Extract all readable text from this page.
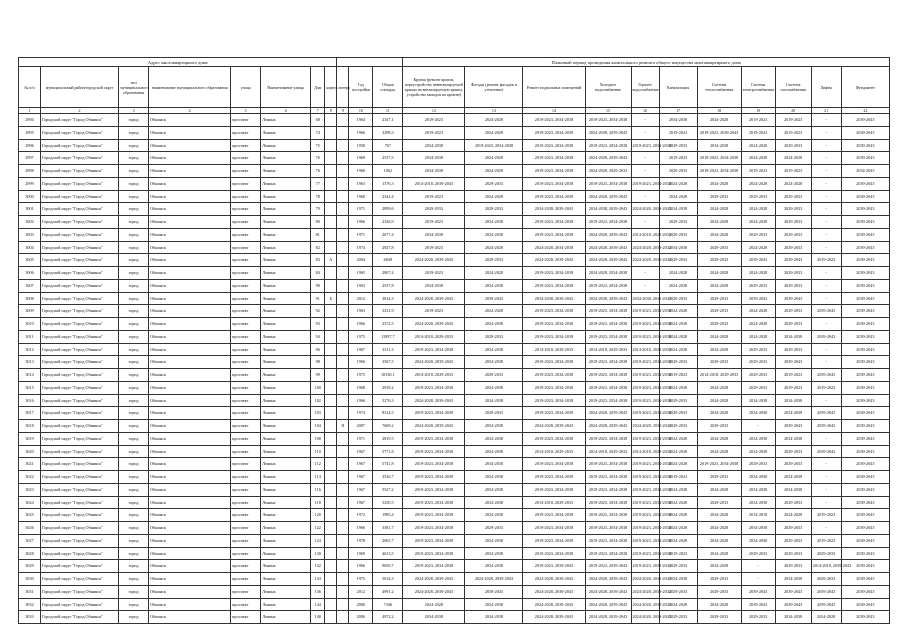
Адрес многоквартирного дома											Плановый период проведения капитального ремонта общего имущества многоквартирного дома										
№ п/п	муниципальный район/городской округ	тип муниципального образования	наименование муниципального образования	улица	Наименование улицы	Дом	корпус	литера	Год постройки	Общая площадь	Кровля (ремонт кровли, переустройство невентилируемой крыши на вентилируемую крышу, устройство выходов на кровлю)	Фасады (ремонт фасадов и утепление)	Ремонт подвальных помещений	Холодное водоснабжение	Горячее водоснабжение	Канализация	Система теплоснабжения	Система электроснабжения	Система газоснабжения	Лифты	Фундамент
1	2	3	4	5	6	7	8	9	10	11	12	13	14	15	16	17	18	19	20	21	22
2994	Городской округ "Город Обнинск"	город	Обнинск	проспект	Ленина	68			1964	2347,1	2019-2023	2024-2028	2019-2023, 2034-2038	2019-2023, 2034-2038	-	2034-2038	2024-2028	2019-2023	2019-2023	-	2039-2043
2995	Городской округ "Город Обнинск"	город	Обнинск	проспект	Ленина	74			1966	3298,3	2019-2023	2024-2028	2019-2023, 2034-2038	2034-2038, 2039-2043	-	2019-2023	2019-2023, 2039-2043	2019-2023	2019-2023	-	2039-2043
2996	Городской округ "Город Обнинск"	город	Обнинск	проспект	Ленина	75			1958	767	2034-2038	2019-2023, 2034-2038	2019-2023, 2034-2038	2019-2023, 2034-2038	2019-2023, 2034-2038	2029-2033	2034-2038	2024-2028	2029-2033	-	2039-2043
2997	Городской округ "Город Обнинск"	город	Обнинск	проспект	Ленина	76			1969	2537,5	2034-2038	2024-2028	2019-2023, 2034-2038	2024-2028, 2039-2043	-	2019-2023	2019-2023, 2034-2038	2024-2028	2024-2028	-	2039-2043
2998	Городской округ "Город Обнинск"	город	Обнинск	проспект	Ленина	76			1960	1062	2034-2038	2024-2028	2019-2023, 2034-2038	2024-2028, 2029-2033	-	2029-2033	2019-2023, 2034-2038	2019-2023	2019-2023	-	2034-2043
2999	Городской округ "Город Обнинск"	город	Обнинск	проспект	Ленина	77			1963	1376,3	2014-2018, 2039-2043	2029-2033	2019-2023, 2034-2038	2019-2023, 2034-2038	2019-2023, 2034-2038	2024-2028	2024-2028	2024-2028	2024-2028	-	2039-2043
3000	Городской округ "Город Обнинск"	город	Обнинск	проспект	Ленина	78			1960	2342,4	2019-2023	2024-2028	2019-2023, 2034-2038	2024-2028, 2039-2043	-	2024-2028	2029-2033	2029-2033	2029-2033	-	2039-2043
3001	Городской округ "Город Обнинск"	город	Обнинск	проспект	Ленина	79			1971	2899,6	2029-2033	2029-2033	2034-2038, 2039-2043	2034-2038, 2039-2043	2024-2028, 2039-2043	2034-2038	2024-2028	2024-2028	2029-2033	-	2039-2043
3002	Городской округ "Город Обнинск"	город	Обнинск	проспект	Ленина	80			1966	2326,9	2019-2023	2034-2038	2019-2023, 2034-2038	2019-2023, 2034-2038	-	2029-2033	2024-2028	2024-2028	2029-2033	-	2039-2043
3003	Городской округ "Город Обнинск"	город	Обнинск	проспект	Ленина	81			1971	2677,4	2034-2038	2034-2038	2019-2023, 2034-2038	2024-2028, 2039-2043	2014-2018, 2029-2033	2029-2033	2024-2028	2029-2033	2029-2033	-	2039-2043
3004	Городской округ "Город Обнинск"	город	Обнинск	проспект	Ленина	82			1974	2927,8	2019-2023	2024-2028	2024-2028, 2034-2038	2024-2028, 2039-2043	2024-2028, 2039-2043	2034-2038	2029-2033	2024-2028	2029-2033	-	2039-2043
3005	Городской округ "Город Обнинск"	город	Обнинск	проспект	Ленина	83	А		2004	6849	2024-2028, 2039-2043	2029-2033	2024-2028, 2039-2043	2024-2028, 2039-2043	2024-2028, 2039-2043	2029-2033	2029-2033	2039-2043	2039-2043	2019-2023	2039-2043
3006	Городской округ "Город Обнинск"	город	Обнинск	проспект	Ленина	84			1965	2807,4	2019-2023	2024-2028	2019-2023, 2034-2038	2024-2028, 2034-2038	-	2024-2028	2024-2028	2024-2028	2029-2033	-	2039-2043
3007	Городской округ "Город Обнинск"	город	Обнинск	проспект	Ленина	90			1963	2537,8	2034-2038	2034-2038	2019-2023, 2034-2038	2019-2023, 2034-2038	-	2024-2028	2024-2028	2029-2033	2029-2033	-	2039-2043
3008	Городской округ "Город Обнинск"	город	Обнинск	проспект	Ленина	91	Б		2012	3814,3	2024-2028, 2039-2043	2039-2043	2034-2038, 2039-2043	2034-2038, 2039-2043	2034-2038, 2039-2043	2029-2033	2029-2033	2039-2043	2039-2043	-	2039-2043
3009	Городской округ "Город Обнинск"	город	Обнинск	проспект	Ленина	92			1963	3231,9	2019-2023	2024-2028	2019-2023, 2034-2038	2019-2023, 2034-2038	2019-2023, 2034-2038	2024-2028	2029-2033	2024-2028	2029-2033	2039-2043	2039-2043
3010	Городской округ "Город Обнинск"	город	Обнинск	проспект	Ленина	93			1966	2372,5	2024-2028, 2039-2043	2034-2038	2019-2023, 2034-2038	2019-2023, 2034-2038	2019-2023, 2034-2038	2024-2028	2029-2033	2024-2028	2029-2033	-	2039-2043
3011	Городской округ "Город Обнинск"	город	Обнинск	проспект	Ленина	94			1975	11897,7	2014-2018, 2029-2033	2029-2033	2019-2023, 2034-2038	2019-2023, 2034-2038	2019-2023, 2034-2038	2024-2028	2024-2028	2024-2028	2034-2038	2039-2043	2039-2043
3012	Городской округ "Город Обнинск"	город	Обнинск	проспект	Ленина	96			1967	3311,3	2019-2023, 2034-2038	2034-2038	2014-2018, 2029-2033	2014-2018, 2029-2033	2014-2018, 2029-2033	2024-2028	2024-2028	2029-2033	2029-2033	-	2039-2043
3013	Городской округ "Город Обнинск"	город	Обнинск	проспект	Ленина	98			1966	3567,5	2024-2028, 2039-2043	2034-2038	2019-2023, 2034-2038	2019-2023, 2034-2038	2019-2023, 2034-2038	2029-2033	2029-2033	2029-2033	2039-2043	-	2039-2043
3014	Городской округ "Город Обнинск"	город	Обнинск	проспект	Ленина	99			1975	10330,1	2014-2018, 2029-2033	2029-2033	2019-2023, 2034-2038	2019-2023, 2034-2038	2019-2023, 2034-2038	2019-2023	2014-2018, 2029-2033	2029-2033	2019-2023	2039-2043	2039-2043
3015	Городской округ "Город Обнинск"	город	Обнинск	проспект	Ленина	100			1968	2918,2	2019-2023, 2034-2038	2034-2038	2019-2023, 2034-2038	2019-2023, 2034-2038	2019-2023, 2034-2038	2024-2028	2024-2028	2029-2033	2019-2023	2019-2023	2039-2043
3016	Городской округ "Город Обнинск"	город	Обнинск	проспект	Ленина	102			1966	5276,3	2024-2028, 2039-2043	2034-2038	2019-2023, 2034-2038	2019-2023, 2034-2038	2019-2023, 2034-2038	2029-2033	2024-2028	2034-2038	2034-2038	-	2039-2043
3017	Городской округ "Город Обнинск"	город	Обнинск	проспект	Ленина	103			1974	8314,5	2019-2023, 2034-2038	2029-2033	2019-2023, 2034-2038	2024-2028, 2039-2043	2019-2023, 2034-2038	2029-2033	2024-2028	2034-2038	2034-2038	2039-2043	2039-2043
3018	Городской округ "Город Обнинск"	город	Обнинск	проспект	Ленина	104		II	2007	7669,2	2024-2028, 2039-2043	2034-2038	2024-2028, 2039-2043	2024-2028, 2039-2043	2024-2028, 2039-2043	2029-2033	2029-2033	-	2039-2043	2039-2043	2039-2043
3019	Городской округ "Город Обнинск"	город	Обнинск	проспект	Ленина	108			1971	2819,5	2019-2023, 2034-2038	2034-2038	2019-2023, 2034-2038	2019-2023, 2034-2038	2019-2023, 2034-2038	2024-2028	2024-2028	2034-2038	2034-2038	-	2039-2043
3020	Городской округ "Город Обнинск"	город	Обнинск	проспект	Ленина	110			1967	5771,8	2019-2023, 2034-2038	2034-2038	2014-2018, 2029-2033	2014-2018, 2029-2033	2014-2018, 2029-2033	2024-2028	2024-2028	2034-2038	2029-2033	2039-2043	2039-2043
3021	Городской округ "Город Обнинск"	город	Обнинск	проспект	Ленина	112			1967	5741,8	2019-2023, 2034-2038	2034-2038	2019-2023, 2034-2038	2019-2023, 2034-2038	2019-2023, 2034-2038	2024-2028	2019-2023, 2034-2038	2029-2033	2029-2033	-	2039-2043
3022	Городской округ "Город Обнинск"	город	Обнинск	проспект	Ленина	114			1967	3526,7	2019-2023, 2034-2038	2034-2038	2019-2023, 2034-2038	2019-2023, 2034-2038	2019-2023, 2034-2038	2019-2023	2029-2033	2034-2038	2034-2038	-	2039-2043
3023	Городской округ "Город Обнинск"	город	Обнинск	проспект	Ленина	116			1967	5527,2	2019-2023, 2034-2038	2034-2038	2019-2023, 2034-2038	2019-2023, 2034-2038	2019-2023, 2034-2038	2024-2028	2024-2028	2034-2038	2034-2038	-	2039-2043
3024	Городской округ "Город Обнинск"	город	Обнинск	проспект	Ленина	118			1967	5250,5	2019-2023, 2034-2038	2034-2038	2014-2018, 2029-2033	2019-2023, 2034-2038	2019-2023, 2034-2038	2024-2028	2029-2033	2034-2038	2029-2033	-	2039-2043
3025	Городской округ "Город Обнинск"	город	Обнинск	проспект	Ленина	120			1972	1985,4	2019-2023, 2034-2038	2034-2038	2019-2023, 2034-2038	2019-2023, 2034-2038	2019-2023, 2034-2038	2024-2028	2024-2028	2014-2018	2024-2028	2019-2023	2039-2043
3026	Городской округ "Город Обнинск"	город	Обнинск	проспект	Ленина	122			1966	3581,7	2019-2023, 2034-2038	2029-2033	2019-2023, 2034-2038	2019-2023, 2034-2038	2019-2023, 2034-2038	2024-2028	2024-2028	2034-2038	2029-2033	-	2039-2043
3027	Городской округ "Город Обнинск"	город	Обнинск	проспект	Ленина	124			1978	2065,7	2019-2023, 2034-2038	2034-2038	2019-2023, 2034-2038	2019-2023, 2034-2038	2019-2023, 2034-2038	2024-2028	2024-2028	2034-2038	2029-2033	2019-2023	2039-2043
3028	Городской округ "Город Обнинск"	город	Обнинск	проспект	Ленина	130			1969	4613,5	2019-2023, 2034-2038	2034-2038	2019-2023, 2034-2038	2019-2023, 2034-2038	2019-2023, 2034-2038	2019-2023	2024-2028	2029-2033	2029-2033	2029-2033	2039-2043
3029	Городской округ "Город Обнинск"	город	Обнинск	проспект	Ленина	132			1966	9650,7	2019-2023, 2034-2038	2034-2038	2019-2023, 2039-2043	2019-2023, 2039-2043	2019-2023, 2039-2043	2029-2033	2024-2028	-	2029-2033	2014-2018, 2039-2043	2039-2043
3030	Городской округ "Город Обнинск"	город	Обнинск	проспект	Ленина	134			1975	5614,3	2024-2028, 2039-2043	2024-2028, 2039-2043	2024-2028, 2039-2043	2024-2028, 2039-2043	2024-2028, 2039-2043	2034-2038	2029-2033	-	2034-2038	2029-2033	2039-2043
3031	Городской округ "Город Обнинск"	город	Обнинск	проспект	Ленина	136			2012	4991,2	2024-2028, 2039-2043	2039-2043	2024-2028, 2039-2043	2024-2028, 2039-2043	2024-2028, 2039-2043	2029-2033	2029-2033	2039-2043	2039-2043	2039-2043	2039-2043
3032	Городской округ "Город Обнинск"	город	Обнинск	проспект	Ленина	144			2006	7346	2024-2028	2034-2038	2024-2028, 2039-2043	2024-2028, 2039-2043	2024-2028, 2039-2043	2024-2028	2024-2028	2039-2043	2039-2043	2039-2043	2039-2043
3033	Городской округ "Город Обнинск"	город	Обнинск	проспект	Ленина	148			2006	4972,2	2034-2038	2034-2038	2024-2028, 2039-2043	2024-2028, 2039-2043	2024-2028, 2039-2043	2029-2033	2029-2033	2029-2033	2034-2038	2024-2028	2039-2043
